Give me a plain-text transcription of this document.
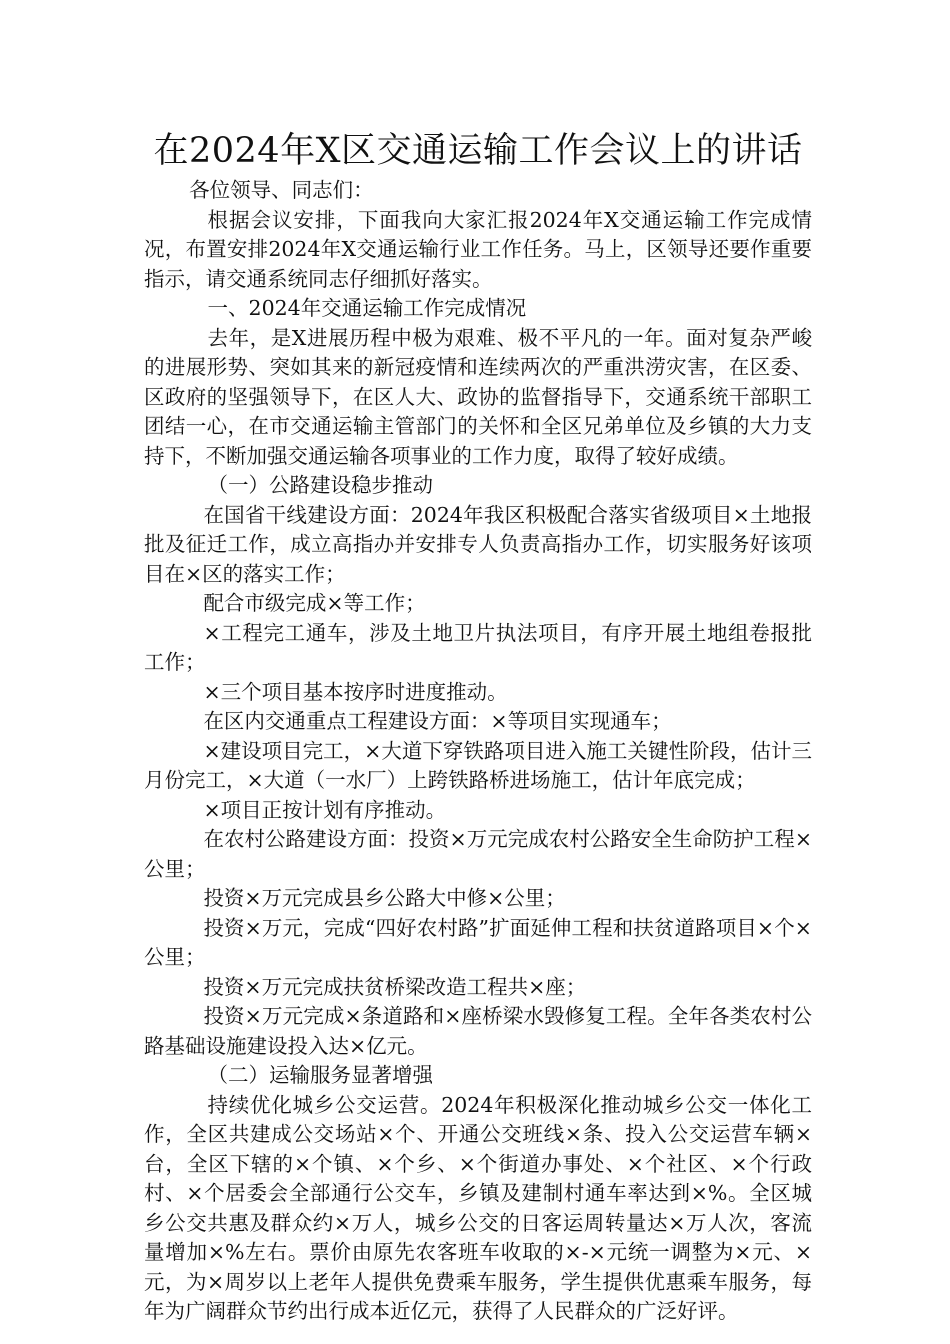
在2024年X区交通运输工作会议上的讲话

各位领导、同志们：

根据会议安排，下面我向大家汇报2024年X交通运输工作完成情况，布置安排2024年X交通运输行业工作任务。马上，区领导还要作重要指示，请交通系统同志仔细抓好落实。

一、2024年交通运输工作完成情况

去年，是X进展历程中极为艰难、极不平凡的一年。面对复杂严峻的进展形势、突如其来的新冠疫情和连续两次的严重洪涝灾害，在区委、区政府的坚强领导下，在区人大、政协的监督指导下，交通系统干部职工团结一心，在市交通运输主管部门的关怀和全区兄弟单位及乡镇的大力支持下，不断加强交通运输各项事业的工作力度，取得了较好成绩。

（一）公路建设稳步推动

在国省干线建设方面：2024年我区积极配合落实省级项目×土地报批及征迁工作，成立高指办并安排专人负责高指办工作，切实服务好该项目在×区的落实工作；

配合市级完成×等工作；

×工程完工通车，涉及土地卫片执法项目，有序开展土地组卷报批工作；

×三个项目基本按序时进度推动。

在区内交通重点工程建设方面：×等项目实现通车；

×建设项目完工，×大道下穿铁路项目进入施工关键性阶段，估计三月份完工，×大道（一水厂）上跨铁路桥进场施工，估计年底完成；

×项目正按计划有序推动。

在农村公路建设方面：投资×万元完成农村公路安全生命防护工程×公里；

投资×万元完成县乡公路大中修×公里；

投资×万元，完成“四好农村路”扩面延伸工程和扶贫道路项目×个×公里；

投资×万元完成扶贫桥梁改造工程共×座；

投资×万元完成×条道路和×座桥梁水毁修复工程。全年各类农村公路基础设施建设投入达×亿元。

（二）运输服务显著增强

持续优化城乡公交运营。2024年积极深化推动城乡公交一体化工作，全区共建成公交场站×个、开通公交班线×条、投入公交运营车辆×台，全区下辖的×个镇、×个乡、×个街道办事处、×个社区、×个行政村、×个居委会全部通行公交车，乡镇及建制村通车率达到×%。全区城乡公交共惠及群众约×万人，城乡公交的日客运周转量达×万人次，客流量增加×%左右。票价由原先农客班车收取的×-×元统一调整为×元、×元，为×周岁以上老年人提供免费乘车服务，学生提供优惠乘车服务，每年为广阔群众节约出行成本近亿元，获得了人民群众的广泛好评。
